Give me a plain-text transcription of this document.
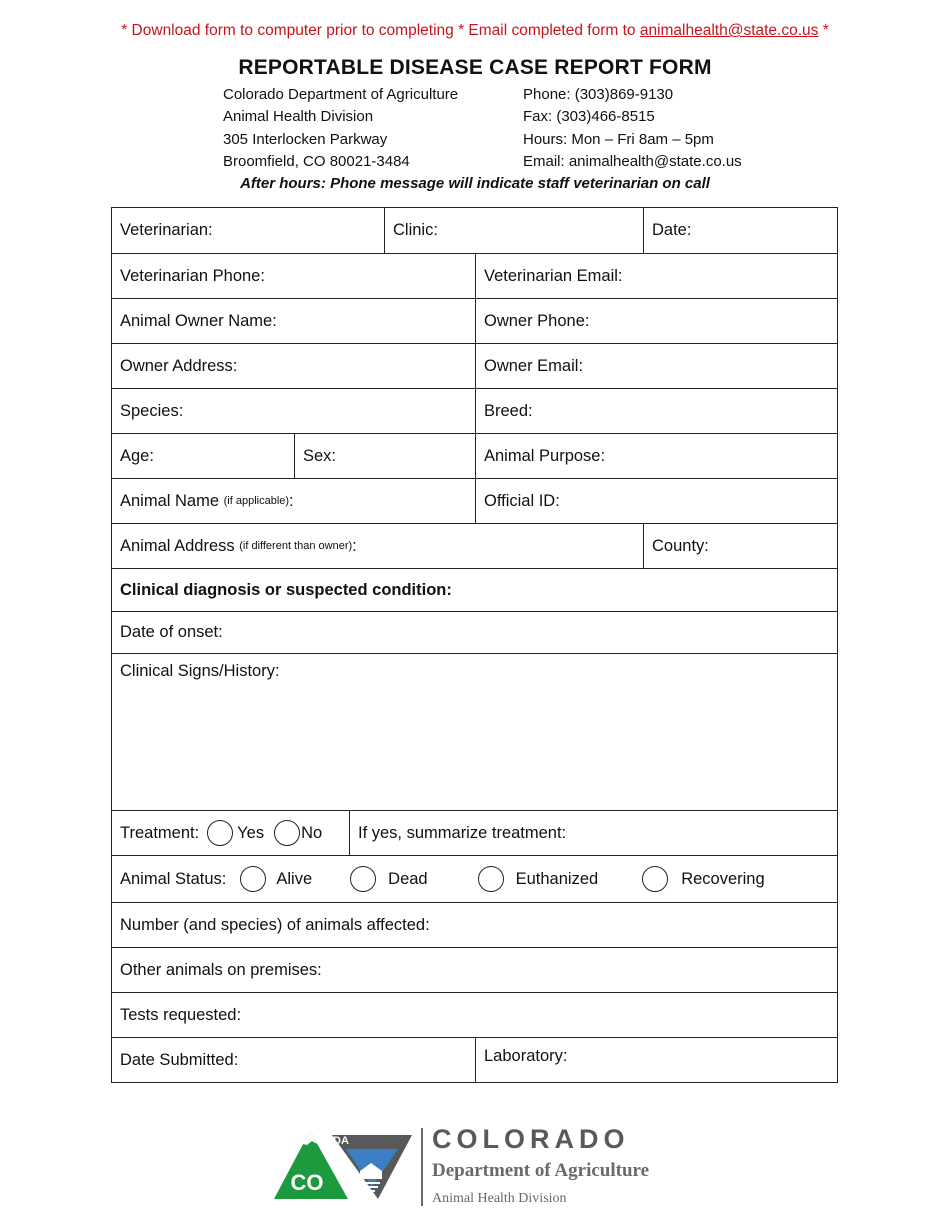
* Download form to computer prior to completing * Email completed form to animalhealth@state.co.us *
REPORTABLE DISEASE CASE REPORT FORM
Colorado Department of Agriculture
Animal Health Division
305 Interlocken Parkway
Broomfield, CO 80021-3484
Phone: (303)869-9130
Fax: (303)466-8515
Hours: Mon – Fri 8am – 5pm
Email: animalhealth@state.co.us
After hours: Phone message will indicate staff veterinarian on call
Veterinarian:	Clinic:	Date:
Veterinarian Phone:	Veterinarian Email:
Animal Owner Name:	Owner Phone:
Owner Address:	Owner Email:
Species:	Breed:
Age:	Sex:	Animal Purpose:
Animal Name (if applicable) :	Official ID:
Animal Address (if different than owner) :	County:
Clinical diagnosis or suspected condition:
Date of onset:
Clinical Signs/History:
Treatment: Yes No If yes, summarize treatment:
Animal Status:	Alive	Dead	Euthanized	Recovering
Number (and species) of animals affected:
Other animals on premises:
Tests requested:
Date Submitted:	Laboratory:
CDA
CO
COLORADO
Department of Agriculture
Animal Health Division
